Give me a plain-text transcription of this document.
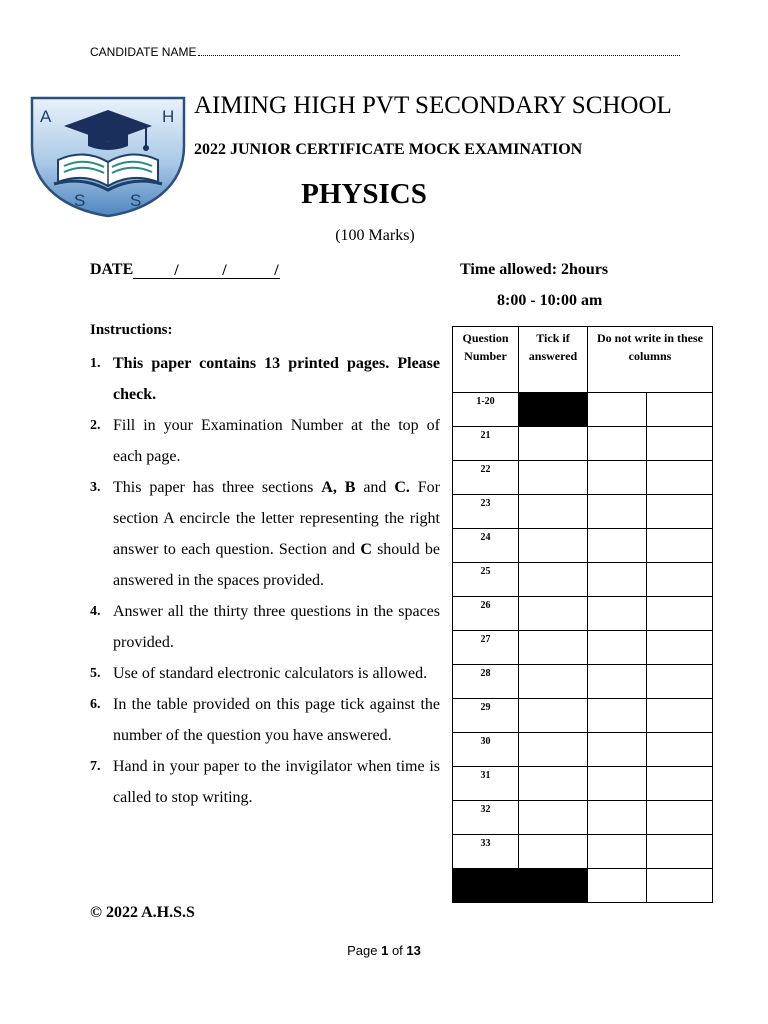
CANDIDATE NAME
A	H
S	S
AIMING HIGH PVT SECONDARY SCHOOL
2022 JUNIOR CERTIFICATE MOCK EXAMINATION
PHYSICS
(100 Marks)
DATE	/	/	/	Time allowed: 2hours
8:00 - 10:00 am
Instructions:
1. This paper contains 13 printed pages. Please check.
2. Fill in your Examination Number at the top of each page.
3. This paper has three sections A, B and C. For section A encircle the letter representing the right answer to each question. Section and C should be answered in the spaces provided.
4. Answer all the thirty three questions in the spaces provided.
5. Use of standard electronic calculators is allowed.
6. In the table provided on this page tick against the number of the question you have answered.
7. Hand in your paper to the invigilator when time is called to stop writing.
Question Number	Tick if answered	Do not write in these columns	
1-20			
21			
22			
23			
24			
25			
26			
27			
28			
29			
30			
31			
32			
33			

© 2022 A.H.S.S
Page 1 of 13
